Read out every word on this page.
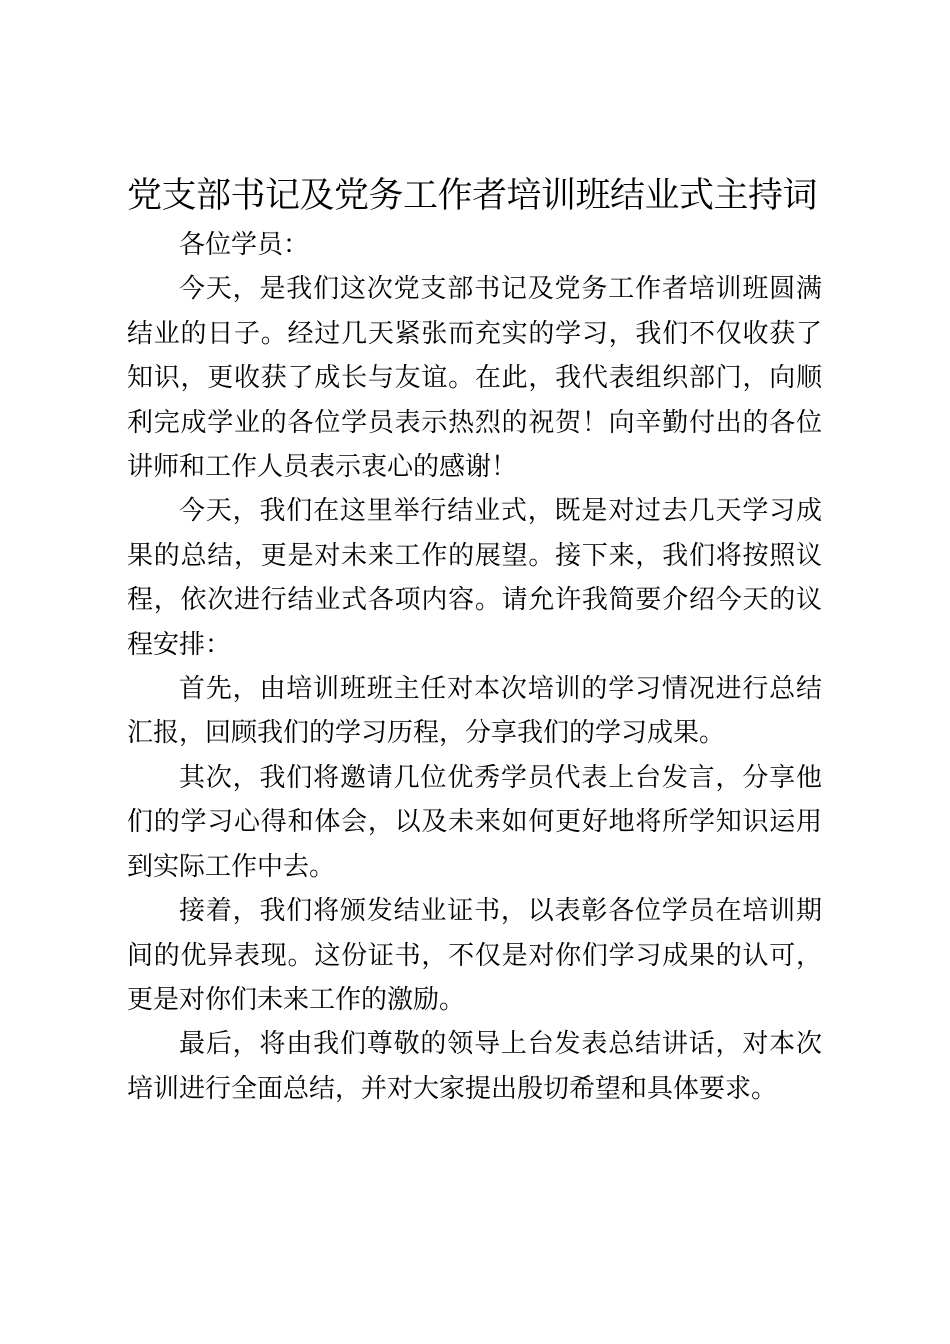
党支部书记及党务工作者培训班结业式主持词

各位学员：

今天，是我们这次党支部书记及党务工作者培训班圆满结业的日子。经过几天紧张而充实的学习，我们不仅收获了知识，更收获了成长与友谊。在此，我代表组织部门，向顺利完成学业的各位学员表示热烈的祝贺！向辛勤付出的各位讲师和工作人员表示衷心的感谢！

今天，我们在这里举行结业式，既是对过去几天学习成果的总结，更是对未来工作的展望。接下来，我们将按照议程，依次进行结业式各项内容。请允许我简要介绍今天的议程安排：

首先，由培训班班主任对本次培训的学习情况进行总结汇报，回顾我们的学习历程，分享我们的学习成果。

其次，我们将邀请几位优秀学员代表上台发言，分享他们的学习心得和体会，以及未来如何更好地将所学知识运用到实际工作中去。

接着，我们将颁发结业证书，以表彰各位学员在培训期间的优异表现。这份证书，不仅是对你们学习成果的认可，更是对你们未来工作的激励。

最后，将由我们尊敬的领导上台发表总结讲话，对本次培训进行全面总结，并对大家提出殷切希望和具体要求。
